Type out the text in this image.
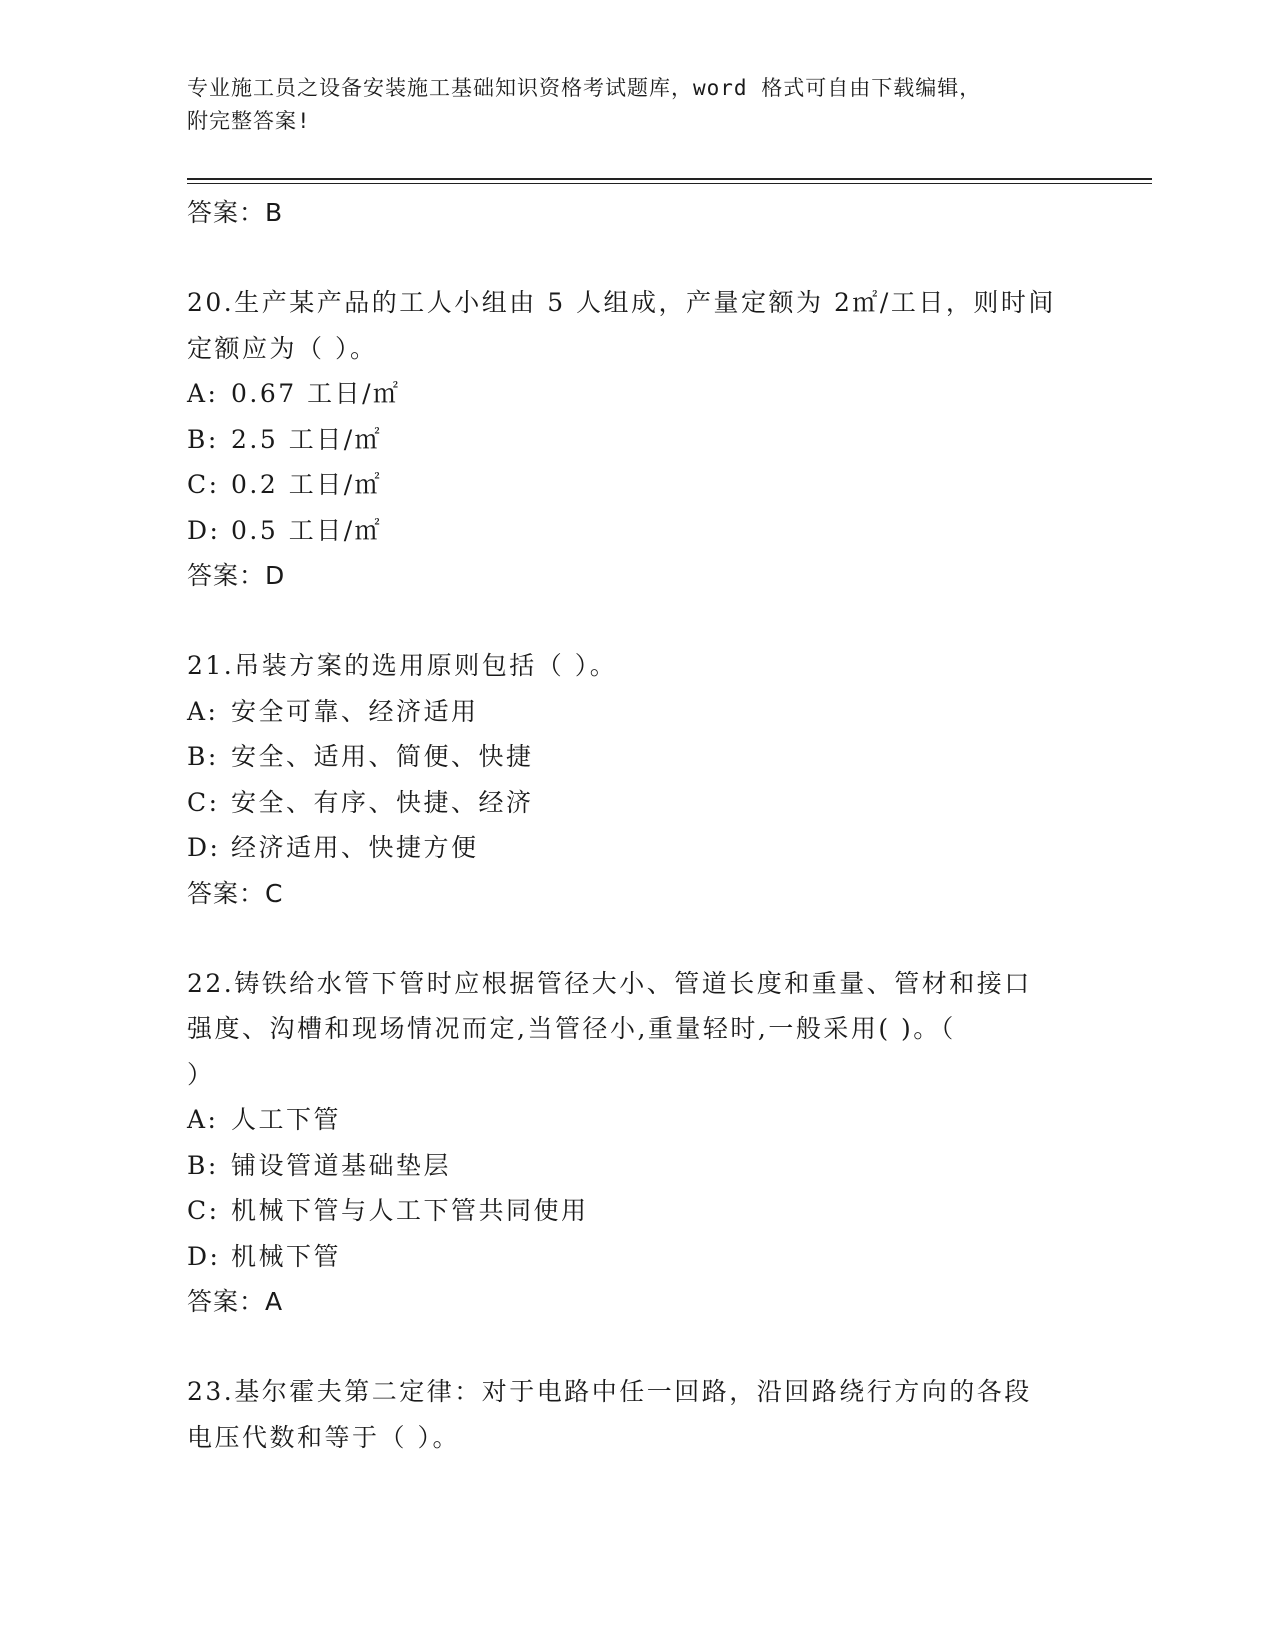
专业施工员之设备安装施工基础知识资格考试题库，word 格式可自由下载编辑，
附完整答案!
答案：B
20.生产某产品的工人小组由 5 人组成，产量定额为 2㎡/工日，则时间
定额应为（ ）。
A: 0.67 工日/㎡
B: 2.5 工日/㎡
C: 0.2 工日/㎡
D: 0.5 工日/㎡
答案：D
21.吊装方案的选用原则包括（ ）。
A: 安全可靠、经济适用
B: 安全、适用、简便、快捷
C: 安全、有序、快捷、经济
D: 经济适用、快捷方便
答案：C
22.铸铁给水管下管时应根据管径大小、管道长度和重量、管材和接口
强度、沟槽和现场情况而定,当管径小,重量轻时,一般采用( )。（
）
A: 人工下管
B: 铺设管道基础垫层
C: 机械下管与人工下管共同使用
D: 机械下管
答案：A
23.基尔霍夫第二定律：对于电路中任一回路，沿回路绕行方向的各段
电压代数和等于（ ）。
